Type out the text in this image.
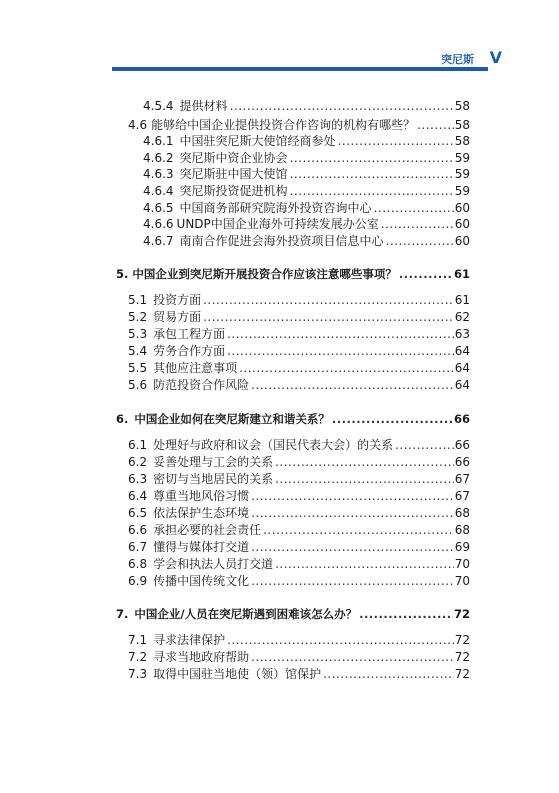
突尼斯 V
4.5.4 提供材料 .....	58
4.6 能够给中国企业提供投资合作咨询的机构有哪些？ .....	58
4.6.1 中国驻突尼斯大使馆经商参处 .....	58
4.6.2 突尼斯中资企业协会 .....	59
4.6.3 突尼斯驻中国大使馆 .....	59
4.6.4 突尼斯投资促进机构 .....	59
4.6.5 中国商务部研究院海外投资咨询中心 .....	60
4.6.6 UNDP中国企业海外可持续发展办公室 .....	60
4.6.7 南南合作促进会海外投资项目信息中心 .....	60
5. 中国企业到突尼斯开展投资合作应该注意哪些事项？ .....	61
5.1 投资方面 .....	61
5.2 贸易方面 .....	62
5.3 承包工程方面 .....	63
5.4 劳务合作方面 .....	64
5.5 其他应注意事项 .....	64
5.6 防范投资合作风险 .....	64
6. 中国企业如何在突尼斯建立和谐关系？ .....	66
6.1 处理好与政府和议会（国民代表大会）的关系 .....	66
6.2 妥善处理与工会的关系 .....	66
6.3 密切与当地居民的关系 .....	67
6.4 尊重当地风俗习惯 .....	67
6.5 依法保护生态环境 .....	68
6.6 承担必要的社会责任 .....	68
6.7 懂得与媒体打交道 .....	69
6.8 学会和执法人员打交道 .....	70
6.9 传播中国传统文化 .....	70
7. 中国企业/人员在突尼斯遇到困难该怎么办？ .....	72
7.1 寻求法律保护 .....	72
7.2 寻求当地政府帮助 .....	72
7.3 取得中国驻当地使（领）馆保护 .....	72
